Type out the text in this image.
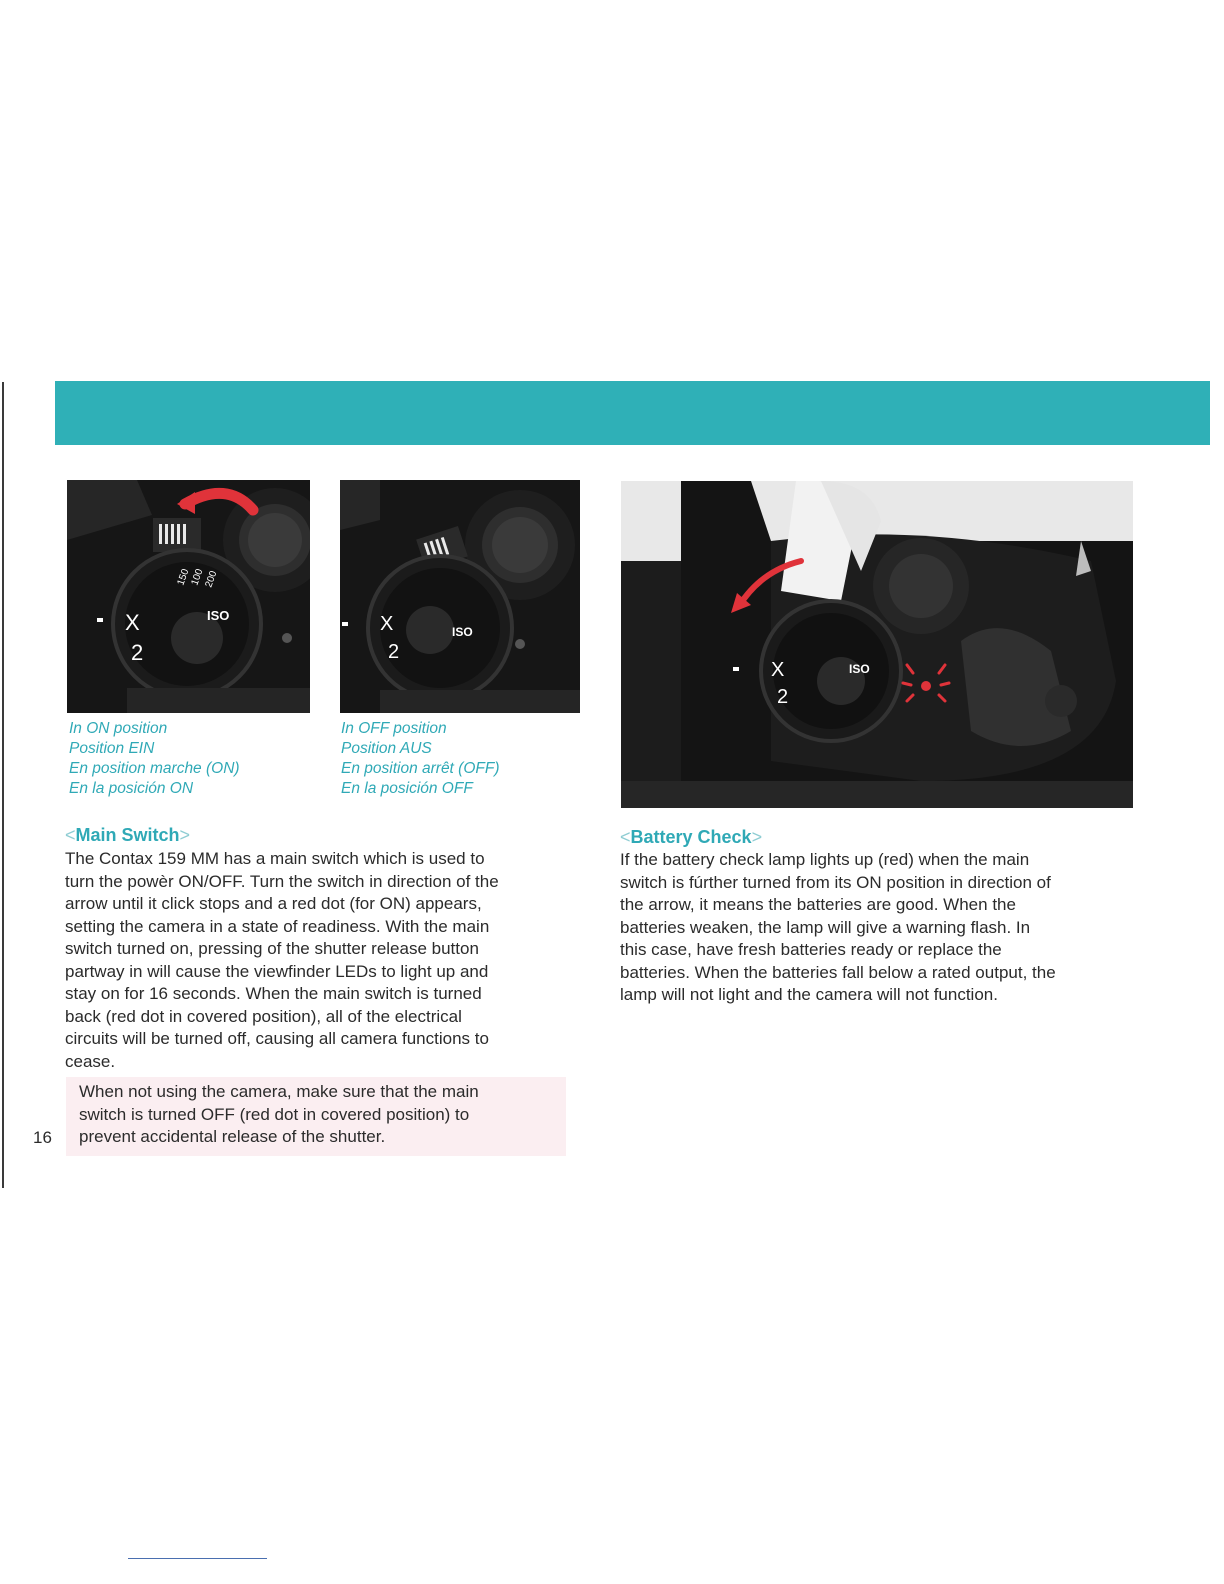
ISO
150
100
200
X
2
ISO
X
2
ISO
X
2

In ON position
Position EIN
En position marche (ON)
En la posición ON

In OFF position
Position AUS
En position arrêt (OFF)
En la posición OFF

<Main Switch>

The Contax 159 MM has a main switch which is used to
turn the powèr ON/OFF. Turn the switch in direction of the
arrow until it click stops and a red dot (for ON) appears,
setting the camera in a state of readiness. With the main
switch turned on, pressing of the shutter release button
partway in will cause the viewfinder LEDs to light up and
stay on for 16 seconds. When the main switch is turned
back (red dot in covered position), all of the electrical
circuits will be turned off, causing all camera functions to
cease.

When not using the camera, make sure that the main
switch is turned OFF (red dot in covered position) to
prevent accidental release of the shutter.

<Battery Check>

If the battery check lamp lights up (red) when the main
switch is fúrther turned from its ON position in direction of
the arrow, it means the batteries are good. When the
batteries weaken, the lamp will give a warning flash. In
this case, have fresh batteries ready or replace the
batteries. When the batteries fall below a rated output, the
lamp will not light and the camera will not function.

16
